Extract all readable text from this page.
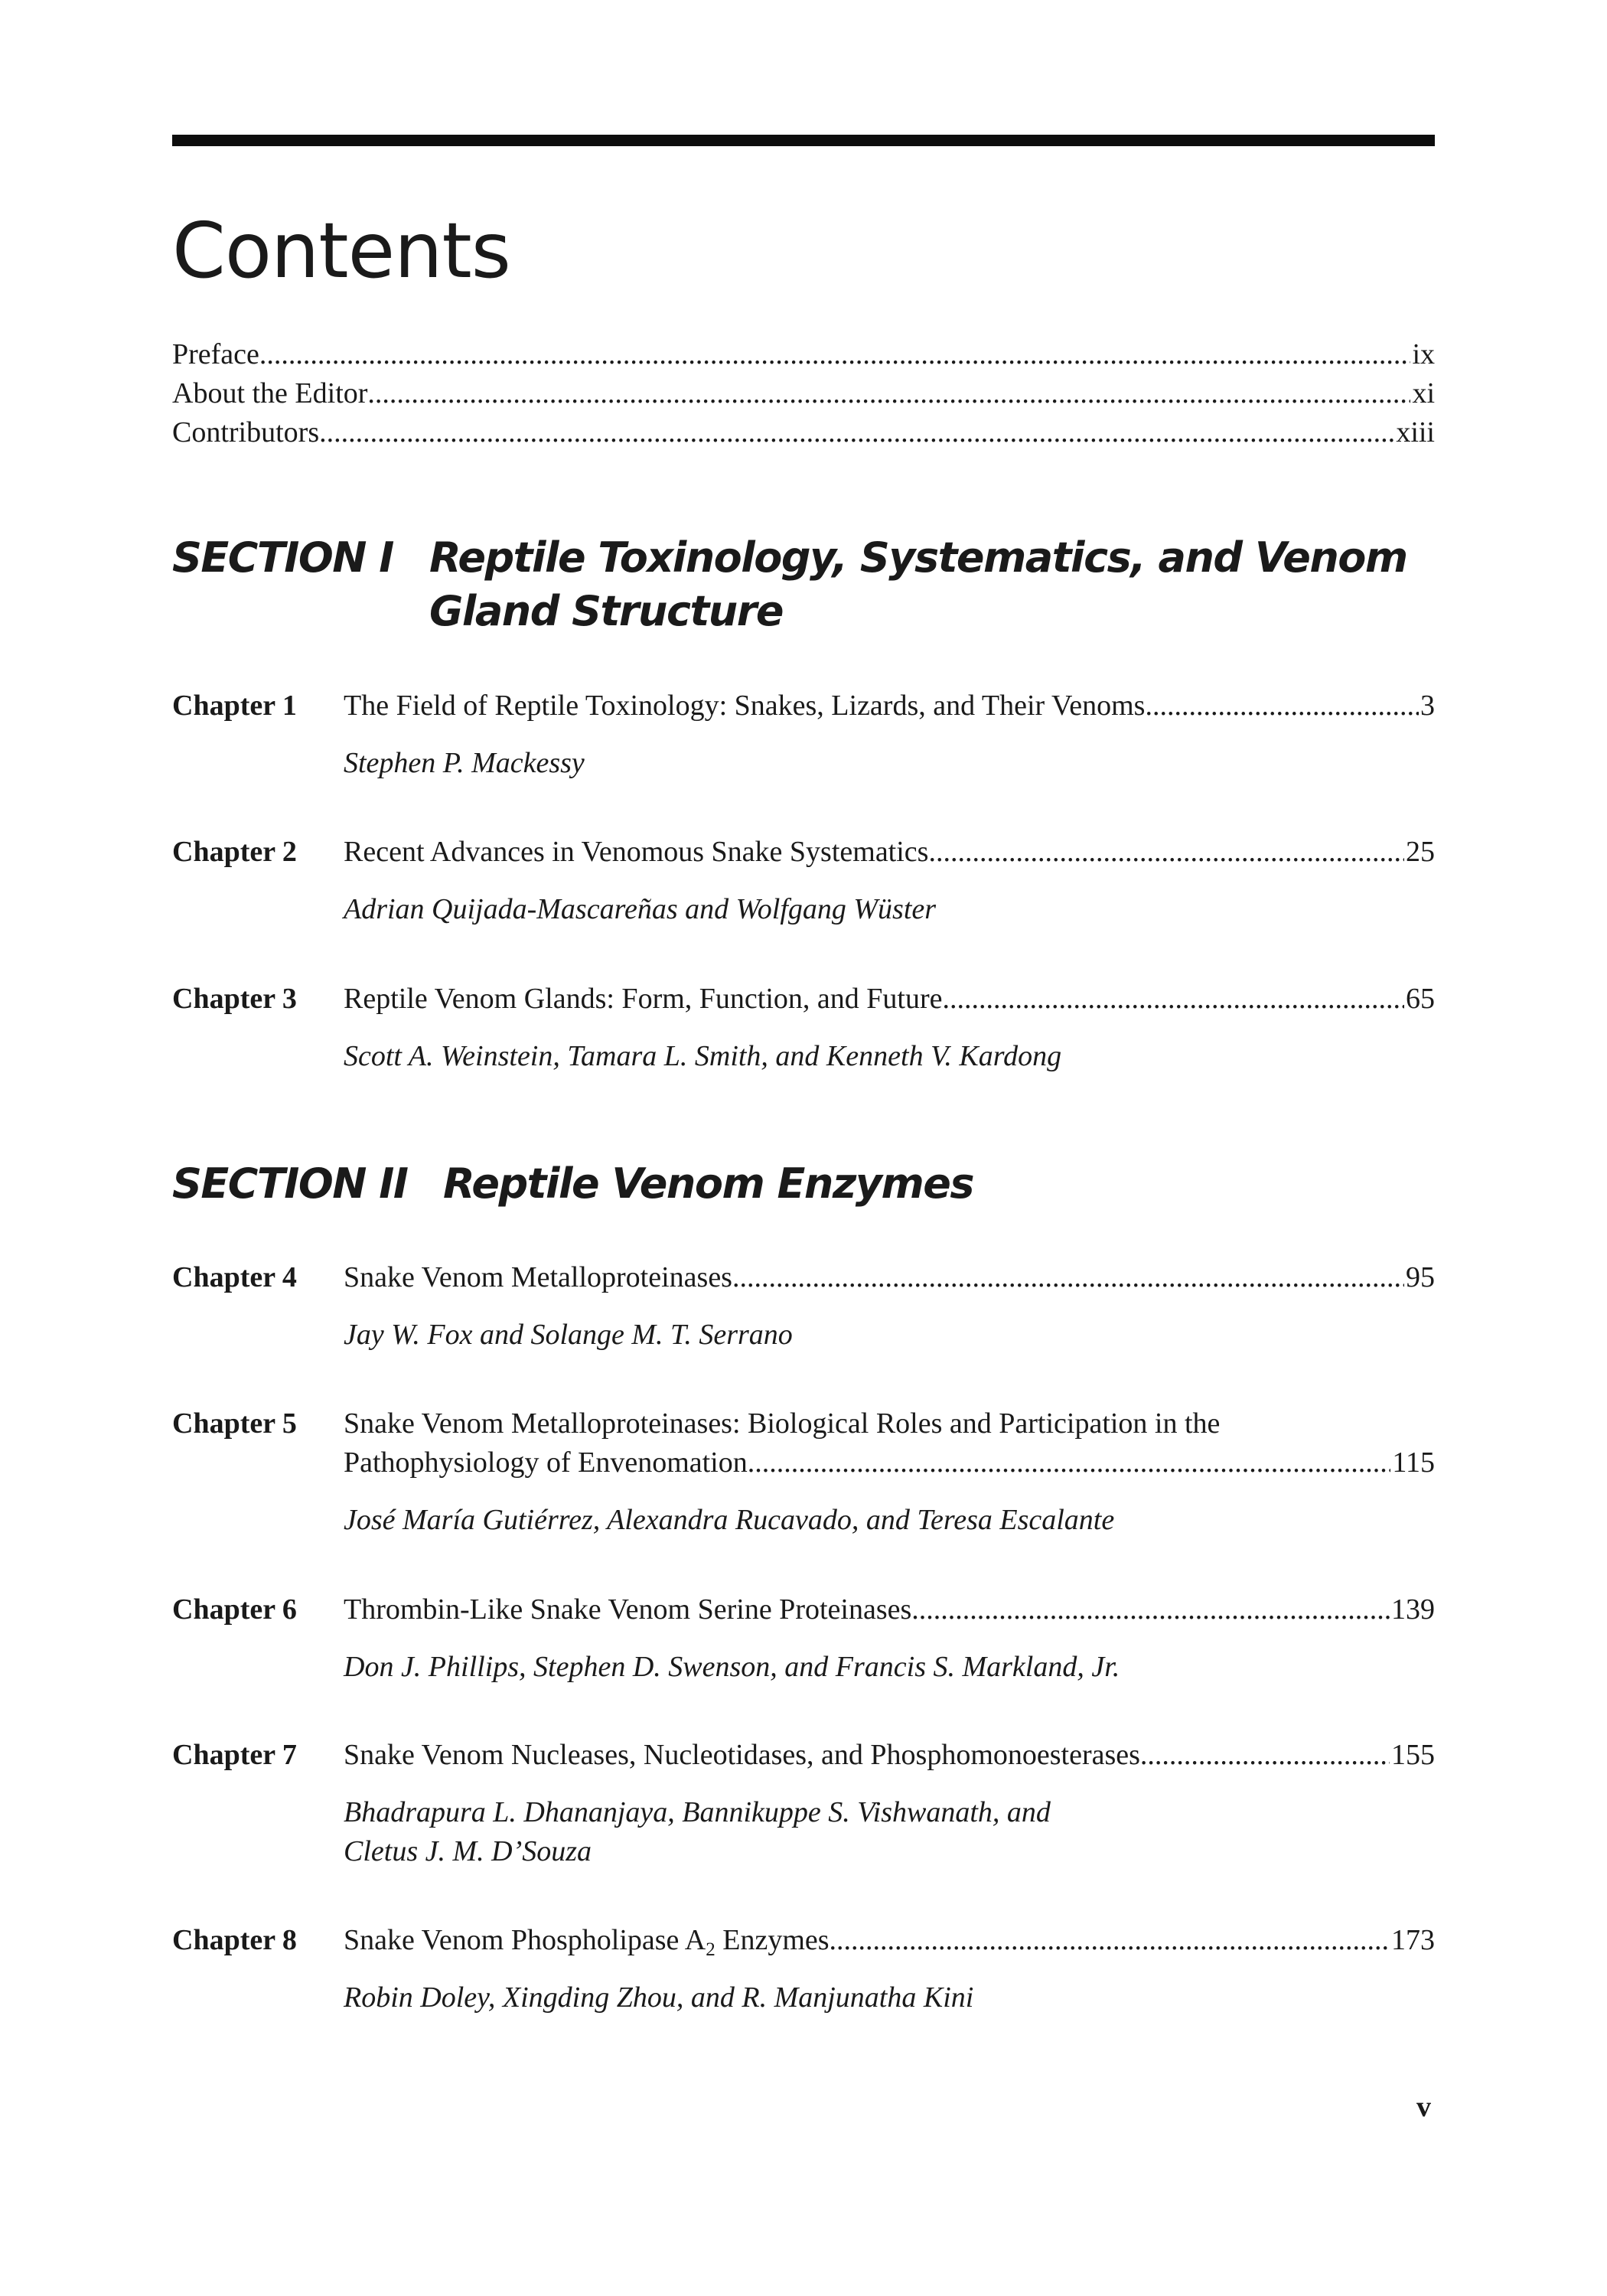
Contents
Preface .....	ix
About the Editor .....	xi
Contributors .....	xiii
SECTION I Reptile Toxinology, Systematics, and Venom
Gland Structure
Chapter 1	The Field of Reptile Toxinology: Snakes, Lizards, and Their Venoms .....	3
Stephen P. Mackessy
Chapter 2	Recent Advances in Venomous Snake Systematics .....	25
Adrian Quijada-Mascareñas and Wolfgang Wüster
Chapter 3	Reptile Venom Glands: Form, Function, and Future .....	65
Scott A. Weinstein, Tamara L. Smith, and Kenneth V. Kardong
SECTION II Reptile Venom Enzymes
Chapter 4	Snake Venom Metalloproteinases .....	95
Jay W. Fox and Solange M. T. Serrano
Chapter 5	Snake Venom Metalloproteinases: Biological Roles and Participation in the
Pathophysiology of Envenomation .....	115
José María Gutiérrez, Alexandra Rucavado, and Teresa Escalante
Chapter 6	Thrombin-Like Snake Venom Serine Proteinases .....	139
Don J. Phillips, Stephen D. Swenson, and Francis S. Markland, Jr.
Chapter 7	Snake Venom Nucleases, Nucleotidases, and Phosphomonoesterases .....	155
Bhadrapura L. Dhananjaya, Bannikuppe S. Vishwanath, and
Cletus J. M. D’Souza
Chapter 8	Snake Venom Phospholipase $A_2$ Enzymes .....	173
Robin Doley, Xingding Zhou, and R. Manjunatha Kini
v
